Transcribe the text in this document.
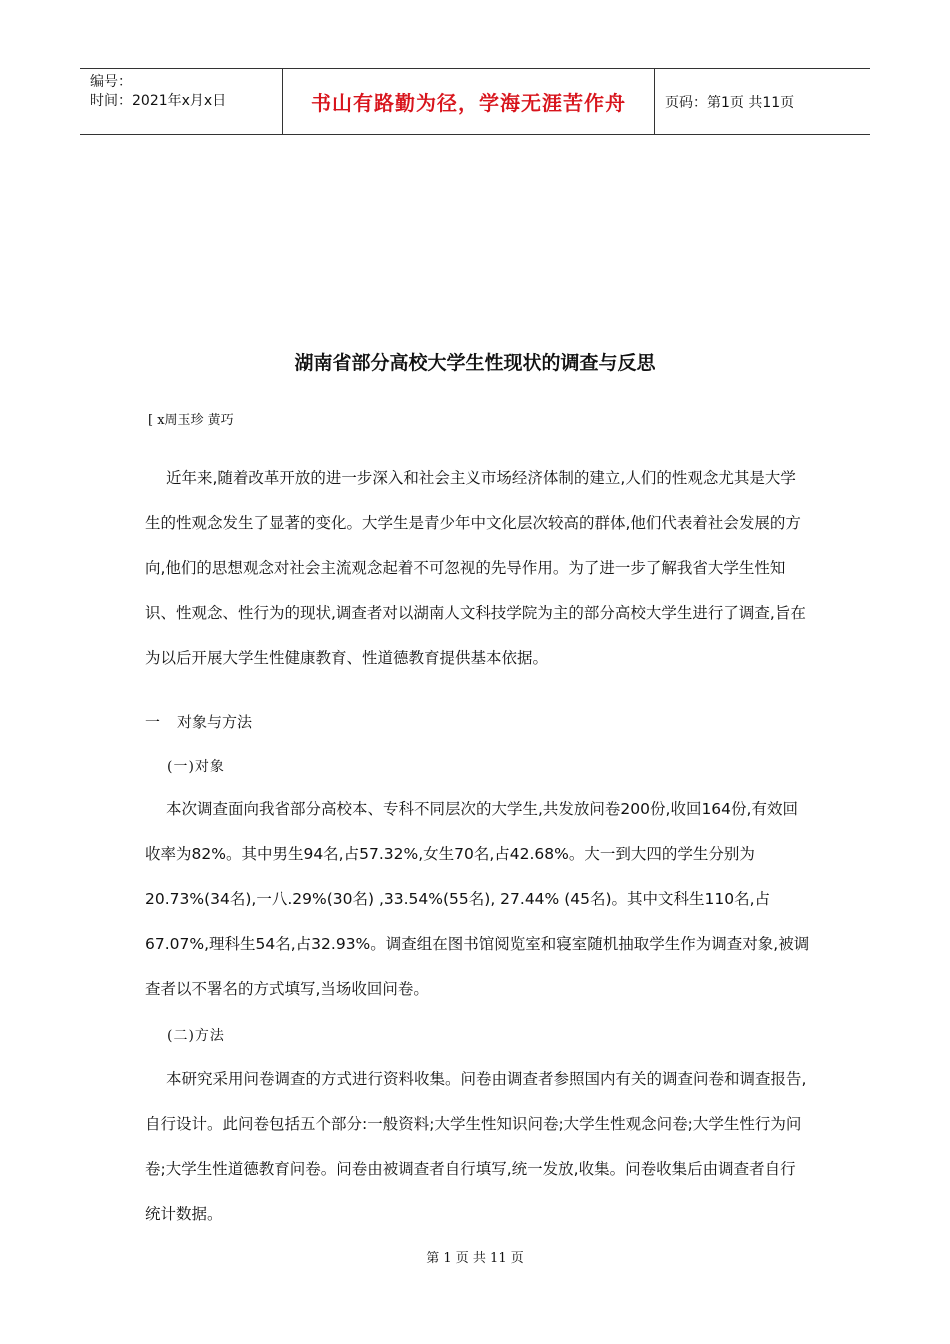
编号：
时间：2021年x月x日	书山有路勤为径，学海无涯苦作舟	页码：第1页 共11页
湖南省部分高校大学生性现状的调查与反思
[ x周玉珍 黄巧

近年来,随着改革开放的进一步深入和社会主义市场经济体制的建立,人们的性观念尤其是大学生的性观念发生了显著的变化。大学生是青少年中文化层次较高的群体,他们代表着社会发展的方向,他们的思想观念对社会主流观念起着不可忽视的先导作用。为了进一步了解我省大学生性知识、性观念、性行为的现状,调查者对以湖南人文科技学院为主的部分高校大学生进行了调查,旨在为以后开展大学生性健康教育、性道德教育提供基本依据。

一 对象与方法
(一)对象

本次调查面向我省部分高校本、专科不同层次的大学生,共发放问卷200份,收回164份,有效回收率为82%。其中男生94名,占57.32%,女生70名,占42.68%。大一到大四的学生分别为20.73%(34名),一八.29%(30名) ,33.54%(55名), 27.44% (45名)。其中文科生110名,占67.07%,理科生54名,占32.93%。调查组在图书馆阅览室和寝室随机抽取学生作为调查对象,被调查者以不署名的方式填写,当场收回问卷。

(二)方法

本研究采用问卷调查的方式进行资料收集。问卷由调查者参照国内有关的调查问卷和调查报告,自行设计。此问卷包括五个部分:一般资料;大学生性知识问卷;大学生性观念问卷;大学生性行为问卷;大学生性道德教育问卷。问卷由被调查者自行填写,统一发放,收集。问卷收集后由调查者自行统计数据。

第 1 页 共 11 页
